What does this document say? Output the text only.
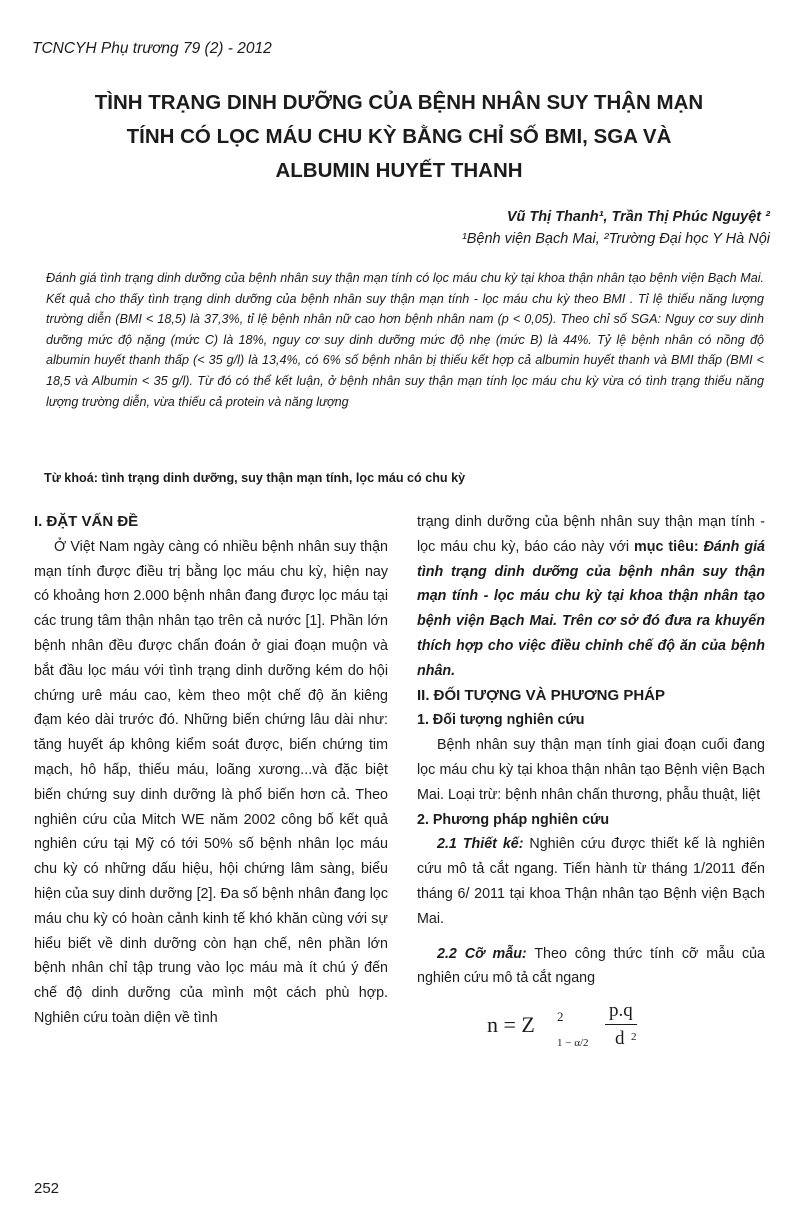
TCNCYH Phụ trương 79 (2) - 2012
TÌNH TRẠNG DINH DƯỠNG CỦA BỆNH NHÂN SUY THẬN MẠN
TÍNH CÓ LỌC MÁU CHU KỲ BẰNG CHỈ SỐ BMI, SGA VÀ
ALBUMIN HUYẾT THANH
Vũ Thị Thanh¹, Trần Thị Phúc Nguyệt ²
¹Bệnh viện Bạch Mai, ²Trường Đại học Y Hà Nội
Đánh giá tình trạng dinh dưỡng của bệnh nhân suy thận mạn tính có lọc máu chu kỳ tại khoa thận nhân tạo bệnh viện Bạch Mai. Kết quả cho thấy tình trạng dinh dưỡng của bệnh nhân suy thận mạn tính - lọc máu chu kỳ theo BMI . Tỉ lệ thiếu năng lượng trường diễn (BMI < 18,5) là 37,3%, tỉ lệ bệnh nhân nữ cao hơn bệnh nhân nam (p < 0,05). Theo chỉ số SGA: Nguy cơ suy dinh dưỡng mức độ nặng (mức C) là 18%, nguy cơ suy dinh dưỡng mức độ nhẹ (mức B) là 44%. Tỷ lệ bệnh nhân có nồng độ albumin huyết thanh thấp (< 35 g/l) là 13,4%, có 6% số bệnh nhân bị thiếu kết hợp cả albumin huyết thanh và BMI thấp (BMI < 18,5 và Albumin < 35 g/l). Từ đó có thể kết luận, ở bệnh nhân suy thận mạn tính lọc máu chu kỳ vừa có tình trạng thiếu năng lượng trường diễn, vừa thiếu cả protein và năng lượng
Từ khoá: tình trạng dinh dưỡng, suy thận mạn tính, lọc máu có chu kỳ

I. ĐẶT VẤN ĐỀ

Ở Việt Nam ngày càng có nhiều bệnh nhân suy thận mạn tính được điều trị bằng lọc máu chu kỳ, hiện nay có khoảng hơn 2.000 bệnh nhân đang được lọc máu tại các trung tâm thận nhân tạo trên cả nước [1]. Phần lớn bệnh nhân đều được chẩn đoán ở giai đoạn muộn và bắt đầu lọc máu với tình trạng dinh dưỡng kém do hội chứng urê máu cao, kèm theo một chế độ ăn kiêng đạm kéo dài trước đó. Những biến chứng lâu dài như: tăng huyết áp không kiểm soát được, biến chứng tim mạch, hô hấp, thiếu máu, loãng xương...và đặc biệt biến chứng suy dinh dưỡng là phổ biến hơn cả. Theo nghiên cứu của Mitch WE năm 2002 công bố kết quả nghiên cứu tại Mỹ có tới 50% số bệnh nhân lọc máu chu kỳ có những dấu hiệu, hội chứng lâm sàng, biểu hiện của suy dinh dưỡng [2]. Đa số bệnh nhân đang lọc máu chu kỳ có hoàn cảnh kinh tế khó khăn cùng với sự hiểu biết về dinh dưỡng còn hạn chế, nên phần lớn bệnh nhân chỉ tập trung vào lọc máu mà ít chú ý đến chế độ dinh dưỡng của mình một cách phù hợp. Nghiên cứu toàn diện về tình

trạng dinh dưỡng của bệnh nhân suy thận mạn tính - lọc máu chu kỳ, báo cáo này với mục tiêu: Đánh giá tình trạng dinh dưỡng của bệnh nhân suy thận mạn tính - lọc máu chu kỳ tại khoa thận nhân tạo bệnh viện Bạch Mai. Trên cơ sở đó đưa ra khuyến thích hợp cho việc điều chỉnh chế độ ăn của bệnh nhân.

II. ĐỐI TƯỢNG VÀ PHƯƠNG PHÁP

1. Đối tượng nghiên cứu

Bệnh nhân suy thận mạn tính giai đoạn cuối đang lọc máu chu kỳ tại khoa thận nhân tạo Bệnh viện Bạch Mai. Loại trừ: bệnh nhân chấn thương, phẫu thuật, liệt

2. Phương pháp nghiên cứu

2.1 Thiết kế: Nghiên cứu được thiết kế là nghiên cứu mô tả cắt ngang. Tiến hành từ tháng 1/2011 đến tháng 6/ 2011 tại khoa Thận nhân tạo Bệnh viện Bạch Mai.

2.2 Cỡ mẫu: Theo công thức tính cỡ mẫu của nghiên cứu mô tả cắt ngang

n = Z 2
1 − α/2
p.q
d 2
252
